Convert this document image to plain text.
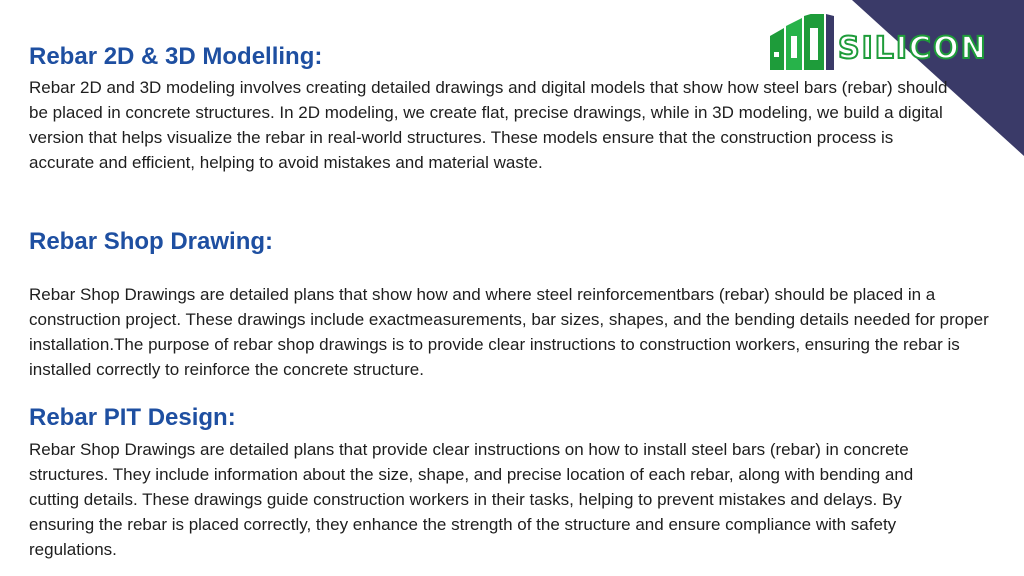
SILICON
Rebar 2D & 3D Modelling:

Rebar 2D and 3D modeling involves creating detailed drawings and digital models that show how steel bars (rebar) should be placed in concrete structures. In 2D modeling, we create flat, precise drawings, while in 3D modeling, we build a digital version that helps visualize the rebar in real-world structures. These models ensure that the construction process is accurate and efficient, helping to avoid mistakes and material waste.

Rebar Shop Drawing:

Rebar Shop Drawings are detailed plans that show how and where steel reinforcementbars (rebar) should be placed in a construction project. These drawings include exactmeasurements, bar sizes, shapes, and the bending details needed for proper installation.The purpose of rebar shop drawings is to provide clear instructions to construction workers, ensuring the rebar is installed correctly to reinforce the concrete structure.

Rebar PIT Design:

Rebar Shop Drawings are detailed plans that provide clear instructions on how to install steel bars (rebar) in concrete structures. They include information about the size, shape, and precise location of each rebar, along with bending and cutting details. These drawings guide construction workers in their tasks, helping to prevent mistakes and delays. By ensuring the rebar is placed correctly, they enhance the strength of the structure and ensure compliance with safety regulations.
